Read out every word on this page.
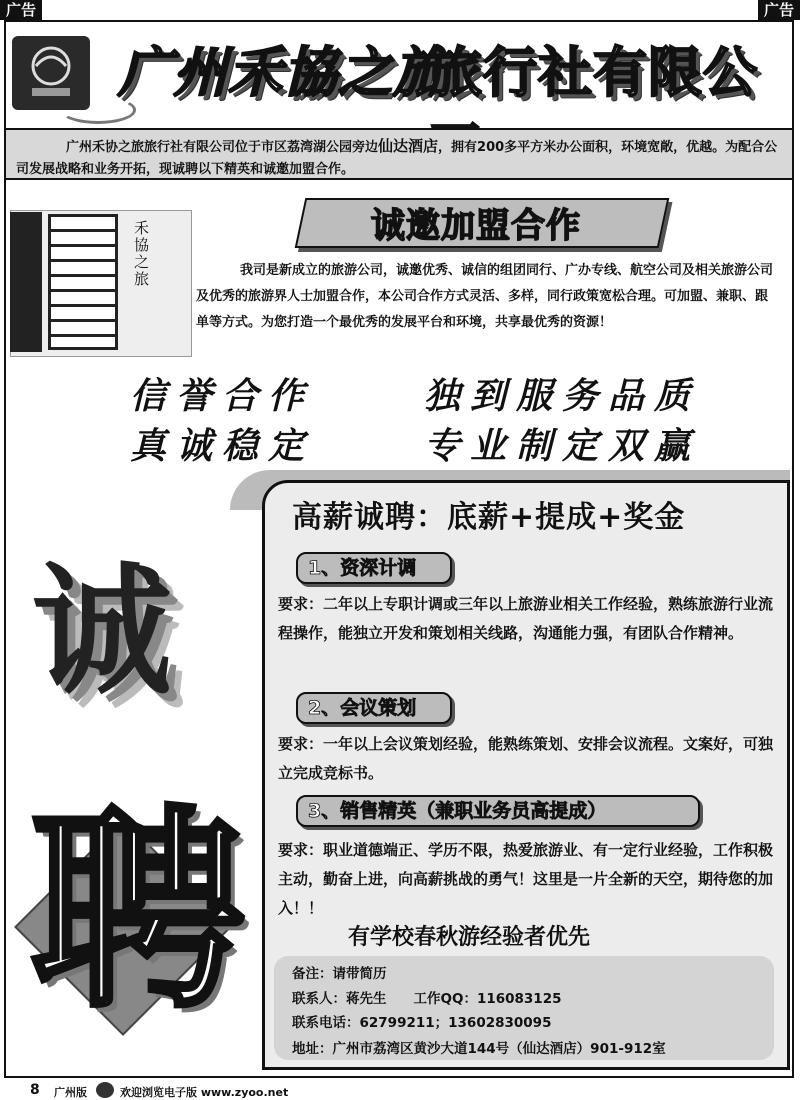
广告	广告
广州禾協之旅
旅行社有限公
广州禾协之旅旅行社有限公司位于市区荔湾湖公园旁边仙达酒店，拥有200多平方米办公面积，环境宽敞，优越。为配合公司发展战略和业务开拓，现诚聘以下精英和诚邀加盟合作。
禾協之旅
诚邀加盟合作
我司是新成立的旅游公司，诚邀优秀、诚信的组团同行、广办专线、航空公司及相关旅游公司及优秀的旅游界人士加盟合作，本公司合作方式灵活、多样，同行政策宽松合理。可加盟、兼职、跟单等方式。为您打造一个最优秀的发展平台和环境，共享最优秀的资源！
信誉合作	独到服务品质
真诚稳定	专业制定双赢
诚
聘
高薪诚聘：底薪+提成+奖金
1、资深计调
要求：二年以上专职计调或三年以上旅游业相关工作经验，熟练旅游行业流程操作，能独立开发和策划相关线路，沟通能力强，有团队合作精神。
2、会议策划
要求：一年以上会议策划经验，能熟练策划、安排会议流程。文案好，可独立完成竞标书。
3、销售精英（兼职业务员高提成）
要求：职业道德端正、学历不限，热爱旅游业、有一定行业经验，工作积极主动，勤奋上进，向高薪挑战的勇气！这里是一片全新的天空，期待您的加入！！
有学校春秋游经验者优先
备注：请带简历
联系人：蒋先生　　工作QQ：116083125
联系电话：62799211；13602830095
地址：广州市荔湾区黄沙大道144号（仙达酒店）901-912室
8 广州版	欢迎浏览电子版 www.zyoo.net
